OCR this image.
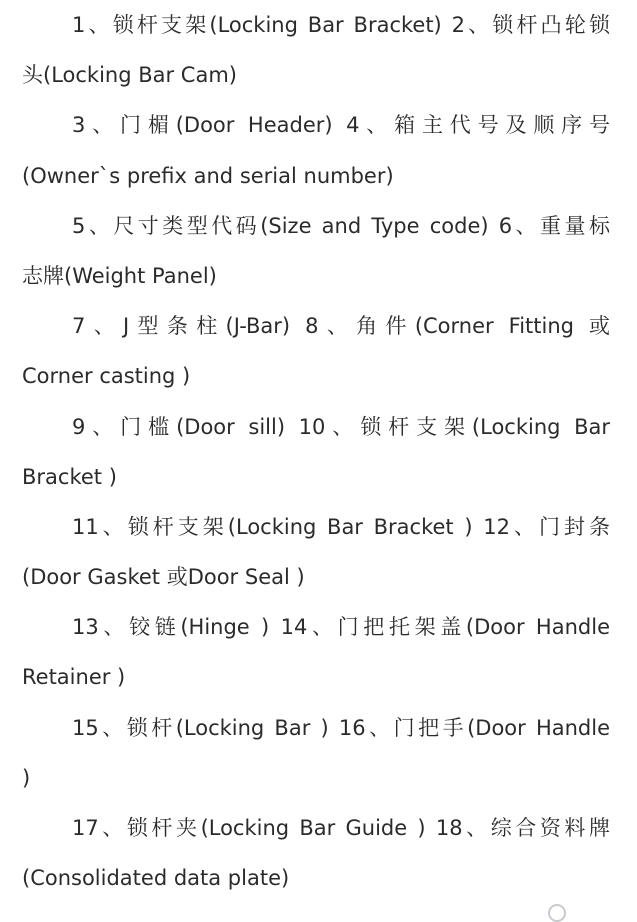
1、锁杆支架(Locking Bar Bracket) 2、锁杆凸轮锁
头(Locking Bar Cam)

3、门楣(Door Header) 4、箱主代号及顺序号
(Owner`s prefix and serial number)

5、尺寸类型代码(Size and Type code) 6、重量标
志牌(Weight Panel)

7、J型条柱(J-Bar) 8、角件(Corner Fitting 或
Corner casting )

9、门槛(Door sill) 10、锁杆支架(Locking Bar
Bracket )

11、锁杆支架(Locking Bar Bracket ) 12、门封条
(Door Gasket 或Door Seal )

13、铰链(Hinge ) 14、门把托架盖(Door Handle
Retainer )

15、锁杆(Locking Bar ) 16、门把手(Door Handle
)

17、锁杆夹(Locking Bar Guide ) 18、综合资料牌
(Consolidated data plate)
